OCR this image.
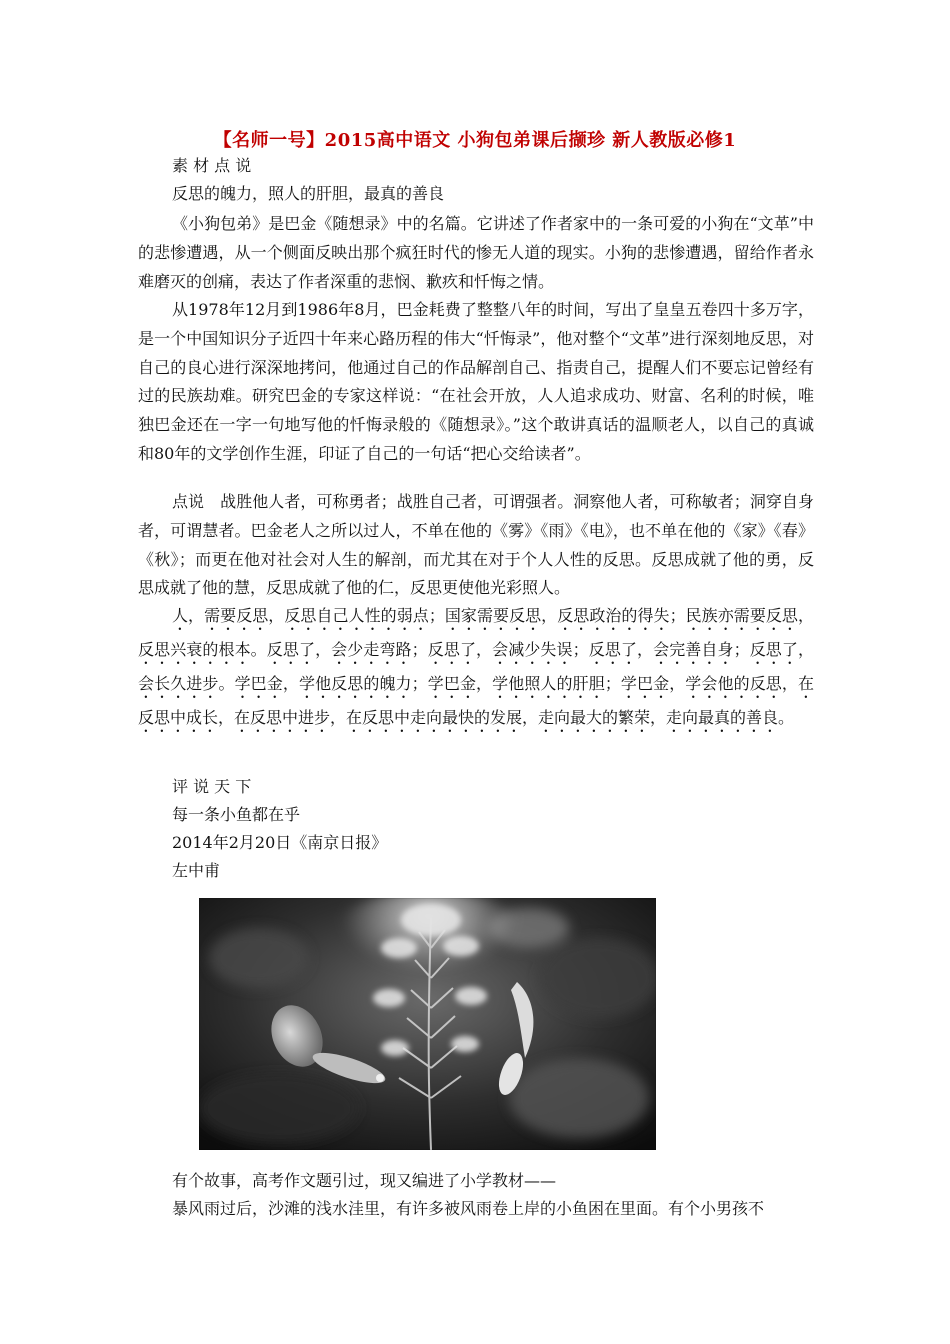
【名师一号】2015高中语文 小狗包弟课后撷珍 新人教版必修1
素 材 点 说
反思的魄力，照人的肝胆，最真的善良
《小狗包弟》是巴金《随想录》中的名篇。它讲述了作者家中的一条可爱的小狗在“文革”中的悲惨遭遇，从一个侧面反映出那个疯狂时代的惨无人道的现实。小狗的悲惨遭遇，留给作者永难磨灭的创痛，表达了作者深重的悲悯、歉疚和忏悔之情。
从1978年12月到1986年8月，巴金耗费了整整八年的时间，写出了皇皇五卷四十多万字，是一个中国知识分子近四十年来心路历程的伟大“忏悔录”，他对整个“文革”进行深刻地反思，对自己的良心进行深深地拷问，他通过自己的作品解剖自己、指责自己，提醒人们不要忘记曾经有过的民族劫难。研究巴金的专家这样说：“在社会开放，人人追求成功、财富、名利的时候，唯独巴金还在一字一句地写他的忏悔录般的《随想录》。”这个敢讲真话的温顺老人，以自己的真诚和80年的文学创作生涯，印证了自己的一句话“把心交给读者”。
点说　战胜他人者，可称勇者；战胜自己者，可谓强者。洞察他人者，可称敏者；洞穿自身者，可谓慧者。巴金老人之所以过人，不单在他的《雾》《雨》《电》，也不单在他的《家》《春》《秋》；而更在他对社会对人生的解剖，而尤其在对于个人人性的反思。反思成就了他的勇，反思成就了他的慧，反思成就了他的仁，反思更使他光彩照人。
人，需要反思，反思自己人性的弱点；国家需要反思，反思政治的得失；民族亦需要反思，反思兴衰的根本。反思了，会少走弯路；反思了，会减少失误；反思了，会完善自身；反思了，会长久进步。学巴金，学他反思的魄力；学巴金，学他照人的肝胆；学巴金，学会他的反思，在反思中成长，在反思中进步，在反思中走向最快的发展，走向最大的繁荣，走向最真的善良。
评 说 天 下
每一条小鱼都在乎
2014年2月20日《南京日报》
左中甫
有个故事，高考作文题引过，现又编进了小学教材——
暴风雨过后，沙滩的浅水洼里，有许多被风雨卷上岸的小鱼困在里面。有个小男孩不
